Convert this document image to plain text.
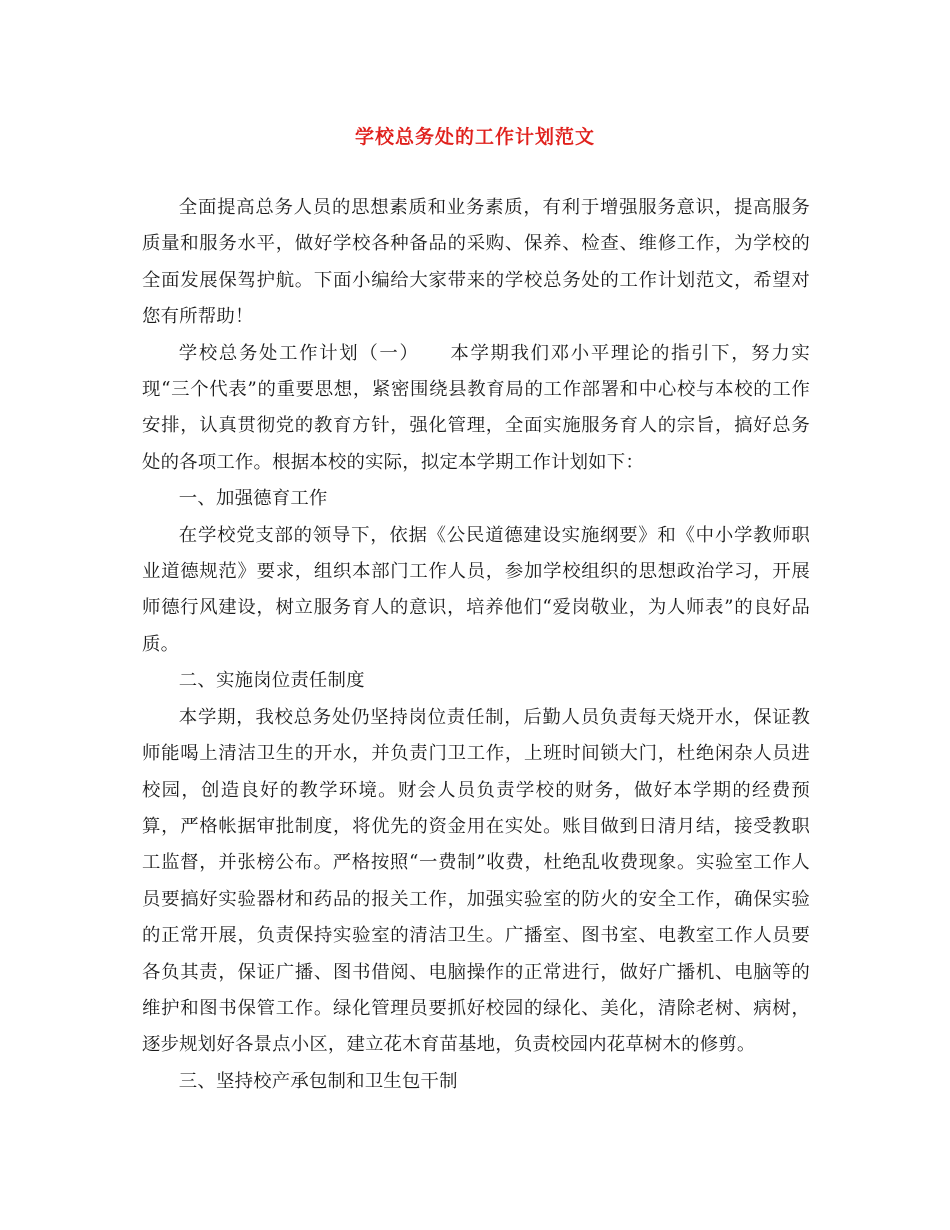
学校总务处的工作计划范文

全面提高总务人员的思想素质和业务素质，有利于增强服务意识，提高服务质量和服务水平，做好学校各种备品的采购、保养、检查、维修工作，为学校的全面发展保驾护航。下面小编给大家带来的学校总务处的工作计划范文，希望对您有所帮助！

学校总务处工作计划（一）　　本学期我们邓小平理论的指引下，努力实现“三个代表”的重要思想，紧密围绕县教育局的工作部署和中心校与本校的工作安排，认真贯彻党的教育方针，强化管理，全面实施服务育人的宗旨，搞好总务处的各项工作。根据本校的实际，拟定本学期工作计划如下：

一、加强德育工作

在学校党支部的领导下，依据《公民道德建设实施纲要》和《中小学教师职业道德规范》要求，组织本部门工作人员，参加学校组织的思想政治学习，开展师德行风建设，树立服务育人的意识，培养他们“爱岗敬业，为人师表”的良好品质。

二、实施岗位责任制度

本学期，我校总务处仍坚持岗位责任制，后勤人员负责每天烧开水，保证教师能喝上清洁卫生的开水，并负责门卫工作，上班时间锁大门，杜绝闲杂人员进校园，创造良好的教学环境。财会人员负责学校的财务，做好本学期的经费预算，严格帐据审批制度，将优先的资金用在实处。账目做到日清月结，接受教职工监督，并张榜公布。严格按照“一费制”收费，杜绝乱收费现象。实验室工作人员要搞好实验器材和药品的报关工作，加强实验室的防火的安全工作，确保实验的正常开展，负责保持实验室的清洁卫生。广播室、图书室、电教室工作人员要各负其责，保证广播、图书借阅、电脑操作的正常进行，做好广播机、电脑等的维护和图书保管工作。绿化管理员要抓好校园的绿化、美化，清除老树、病树，逐步规划好各景点小区，建立花木育苗基地，负责校园内花草树木的修剪。

三、坚持校产承包制和卫生包干制
